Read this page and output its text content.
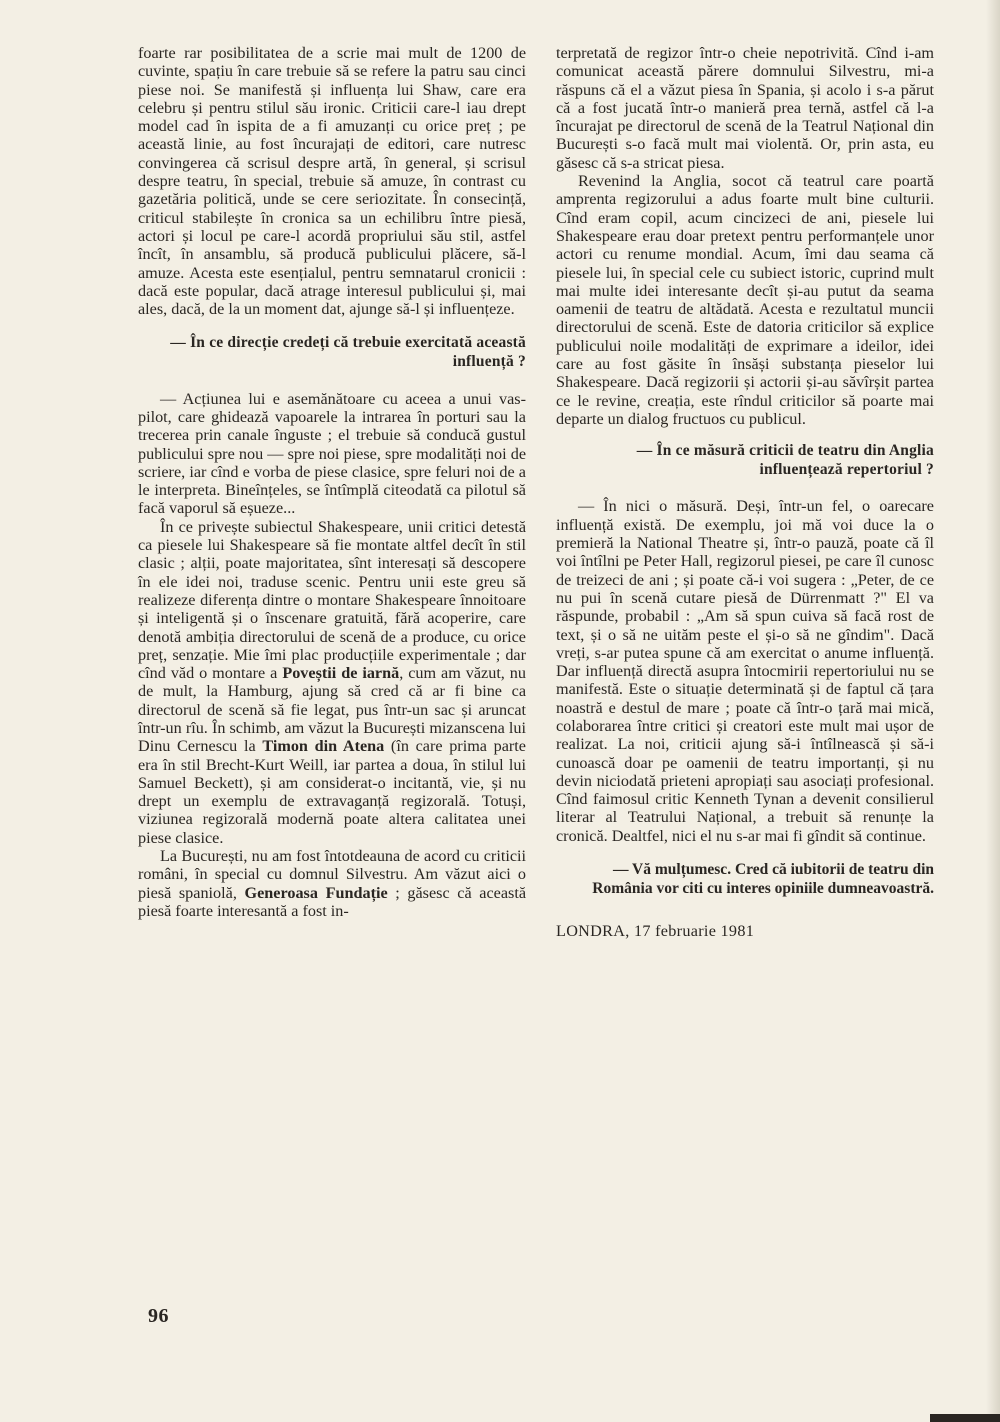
foarte rar posibilitatea de a scrie mai mult de 1200 de cuvinte, spațiu în care trebuie să se refere la patru sau cinci piese noi. Se manifestă și influența lui Shaw, care era celebru și pentru stilul său ironic. Criticii care-l iau drept model cad în ispita de a fi amuzanți cu orice preț ; pe această linie, au fost încurajați de editori, care nutresc convingerea că scrisul despre artă, în general, și scrisul despre teatru, în special, trebuie să amuze, în contrast cu gazetăria politică, unde se cere seriozitate. În consecință, criticul stabilește în cronica sa un echilibru între piesă, actori și locul pe care-l acordă propriului său stil, astfel încît, în ansamblu, să producă publicului plăcere, să-l amuze. Acesta este esențialul, pentru semnatarul cronicii : dacă este popular, dacă atrage interesul publicului și, mai ales, dacă, de la un moment dat, ajunge să-l și influențeze.

— În ce direcție credeți că trebuie exercitată această influență ?

— Acțiunea lui e asemănătoare cu aceea a unui vas-pilot, care ghidează vapoarele la intrarea în porturi sau la trecerea prin canale înguste ; el trebuie să conducă gustul publicului spre nou — spre noi piese, spre modalități noi de scriere, iar cînd e vorba de piese clasice, spre feluri noi de a le interpreta. Bineînțeles, se întîmplă citeodată ca pilotul să facă vaporul să eșueze...

În ce privește subiectul Shakespeare, unii critici detestă ca piesele lui Shakespeare să fie montate altfel decît în stil clasic ; alții, poate majoritatea, sînt interesați să descopere în ele idei noi, traduse scenic. Pentru unii este greu să realizeze diferența dintre o montare Shakespeare înnoitoare și inteligentă și o înscenare gratuită, fără acoperire, care denotă ambiția directorului de scenă de a produce, cu orice preț, senzație. Mie îmi plac producțiile experimentale ; dar cînd văd o montare a Poveștii de iarnă, cum am văzut, nu de mult, la Hamburg, ajung să cred că ar fi bine ca directorul de scenă să fie legat, pus într-un sac și aruncat într-un rîu. În schimb, am văzut la București mizanscena lui Dinu Cernescu la Timon din Atena (în care prima parte era în stil Brecht-Kurt Weill, iar partea a doua, în stilul lui Samuel Beckett), și am considerat-o incitantă, vie, și nu drept un exemplu de extravaganță regizorală. Totuși, viziunea regizorală modernă poate altera calitatea unei piese clasice.

La București, nu am fost întotdeauna de acord cu criticii români, în special cu domnul Silvestru. Am văzut aici o piesă spaniolă, Generoasa Fundație ; găsesc că această piesă foarte interesantă a fost in-

terpretată de regizor într-o cheie nepotrivită. Cînd i-am comunicat această părere domnului Silvestru, mi-a răspuns că el a văzut piesa în Spania, și acolo i s-a părut că a fost jucată într-o manieră prea ternă, astfel că l-a încurajat pe directorul de scenă de la Teatrul Național din București s-o facă mult mai violentă. Or, prin asta, eu găsesc că s-a stricat piesa.

Revenind la Anglia, socot că teatrul care poartă amprenta regizorului a adus foarte mult bine culturii. Cînd eram copil, acum cincizeci de ani, piesele lui Shakespeare erau doar pretext pentru performanțele unor actori cu renume mondial. Acum, îmi dau seama că piesele lui, în special cele cu subiect istoric, cuprind mult mai multe idei interesante decît și-au putut da seama oamenii de teatru de altădată. Acesta e rezultatul muncii directorului de scenă. Este de datoria criticilor să explice publicului noile modalități de exprimare a ideilor, idei care au fost găsite în însăși substanța pieselor lui Shakespeare. Dacă regizorii și actorii și-au săvîrșit partea ce le revine, creația, este rîndul criticilor să poarte mai departe un dialog fructuos cu publicul.

— În ce măsură criticii de teatru din Anglia influențează repertoriul ?

— În nici o măsură. Deși, într-un fel, o oarecare influență există. De exemplu, joi mă voi duce la o premieră la National Theatre și, într-o pauză, poate că îl voi întîlni pe Peter Hall, regizorul piesei, pe care îl cunosc de treizeci de ani ; și poate că-i voi sugera : „Peter, de ce nu pui în scenă cutare piesă de Dürrenmatt ?" El va răspunde, probabil : „Am să spun cuiva să facă rost de text, și o să ne uităm peste el și-o să ne gîndim". Dacă vreți, s-ar putea spune că am exercitat o anume influență. Dar influență directă asupra întocmirii repertoriului nu se manifestă. Este o situație determinată și de faptul că țara noastră e destul de mare ; poate că într-o țară mai mică, colaborarea între critici și creatori este mult mai ușor de realizat. La noi, criticii ajung să-i întîlnească și să-i cunoască doar pe oamenii de teatru importanți, și nu devin niciodată prieteni apropiați sau asociați profesional. Cînd faimosul critic Kenneth Tynan a devenit consilierul literar al Teatrului Național, a trebuit să renunțe la cronică. Dealtfel, nici el nu s-ar mai fi gîndit să continue.

— Vă mulțumesc. Cred că iubitorii de teatru din România vor citi cu interes opiniile dumneavoastră.

LONDRA, 17 februarie 1981

96
